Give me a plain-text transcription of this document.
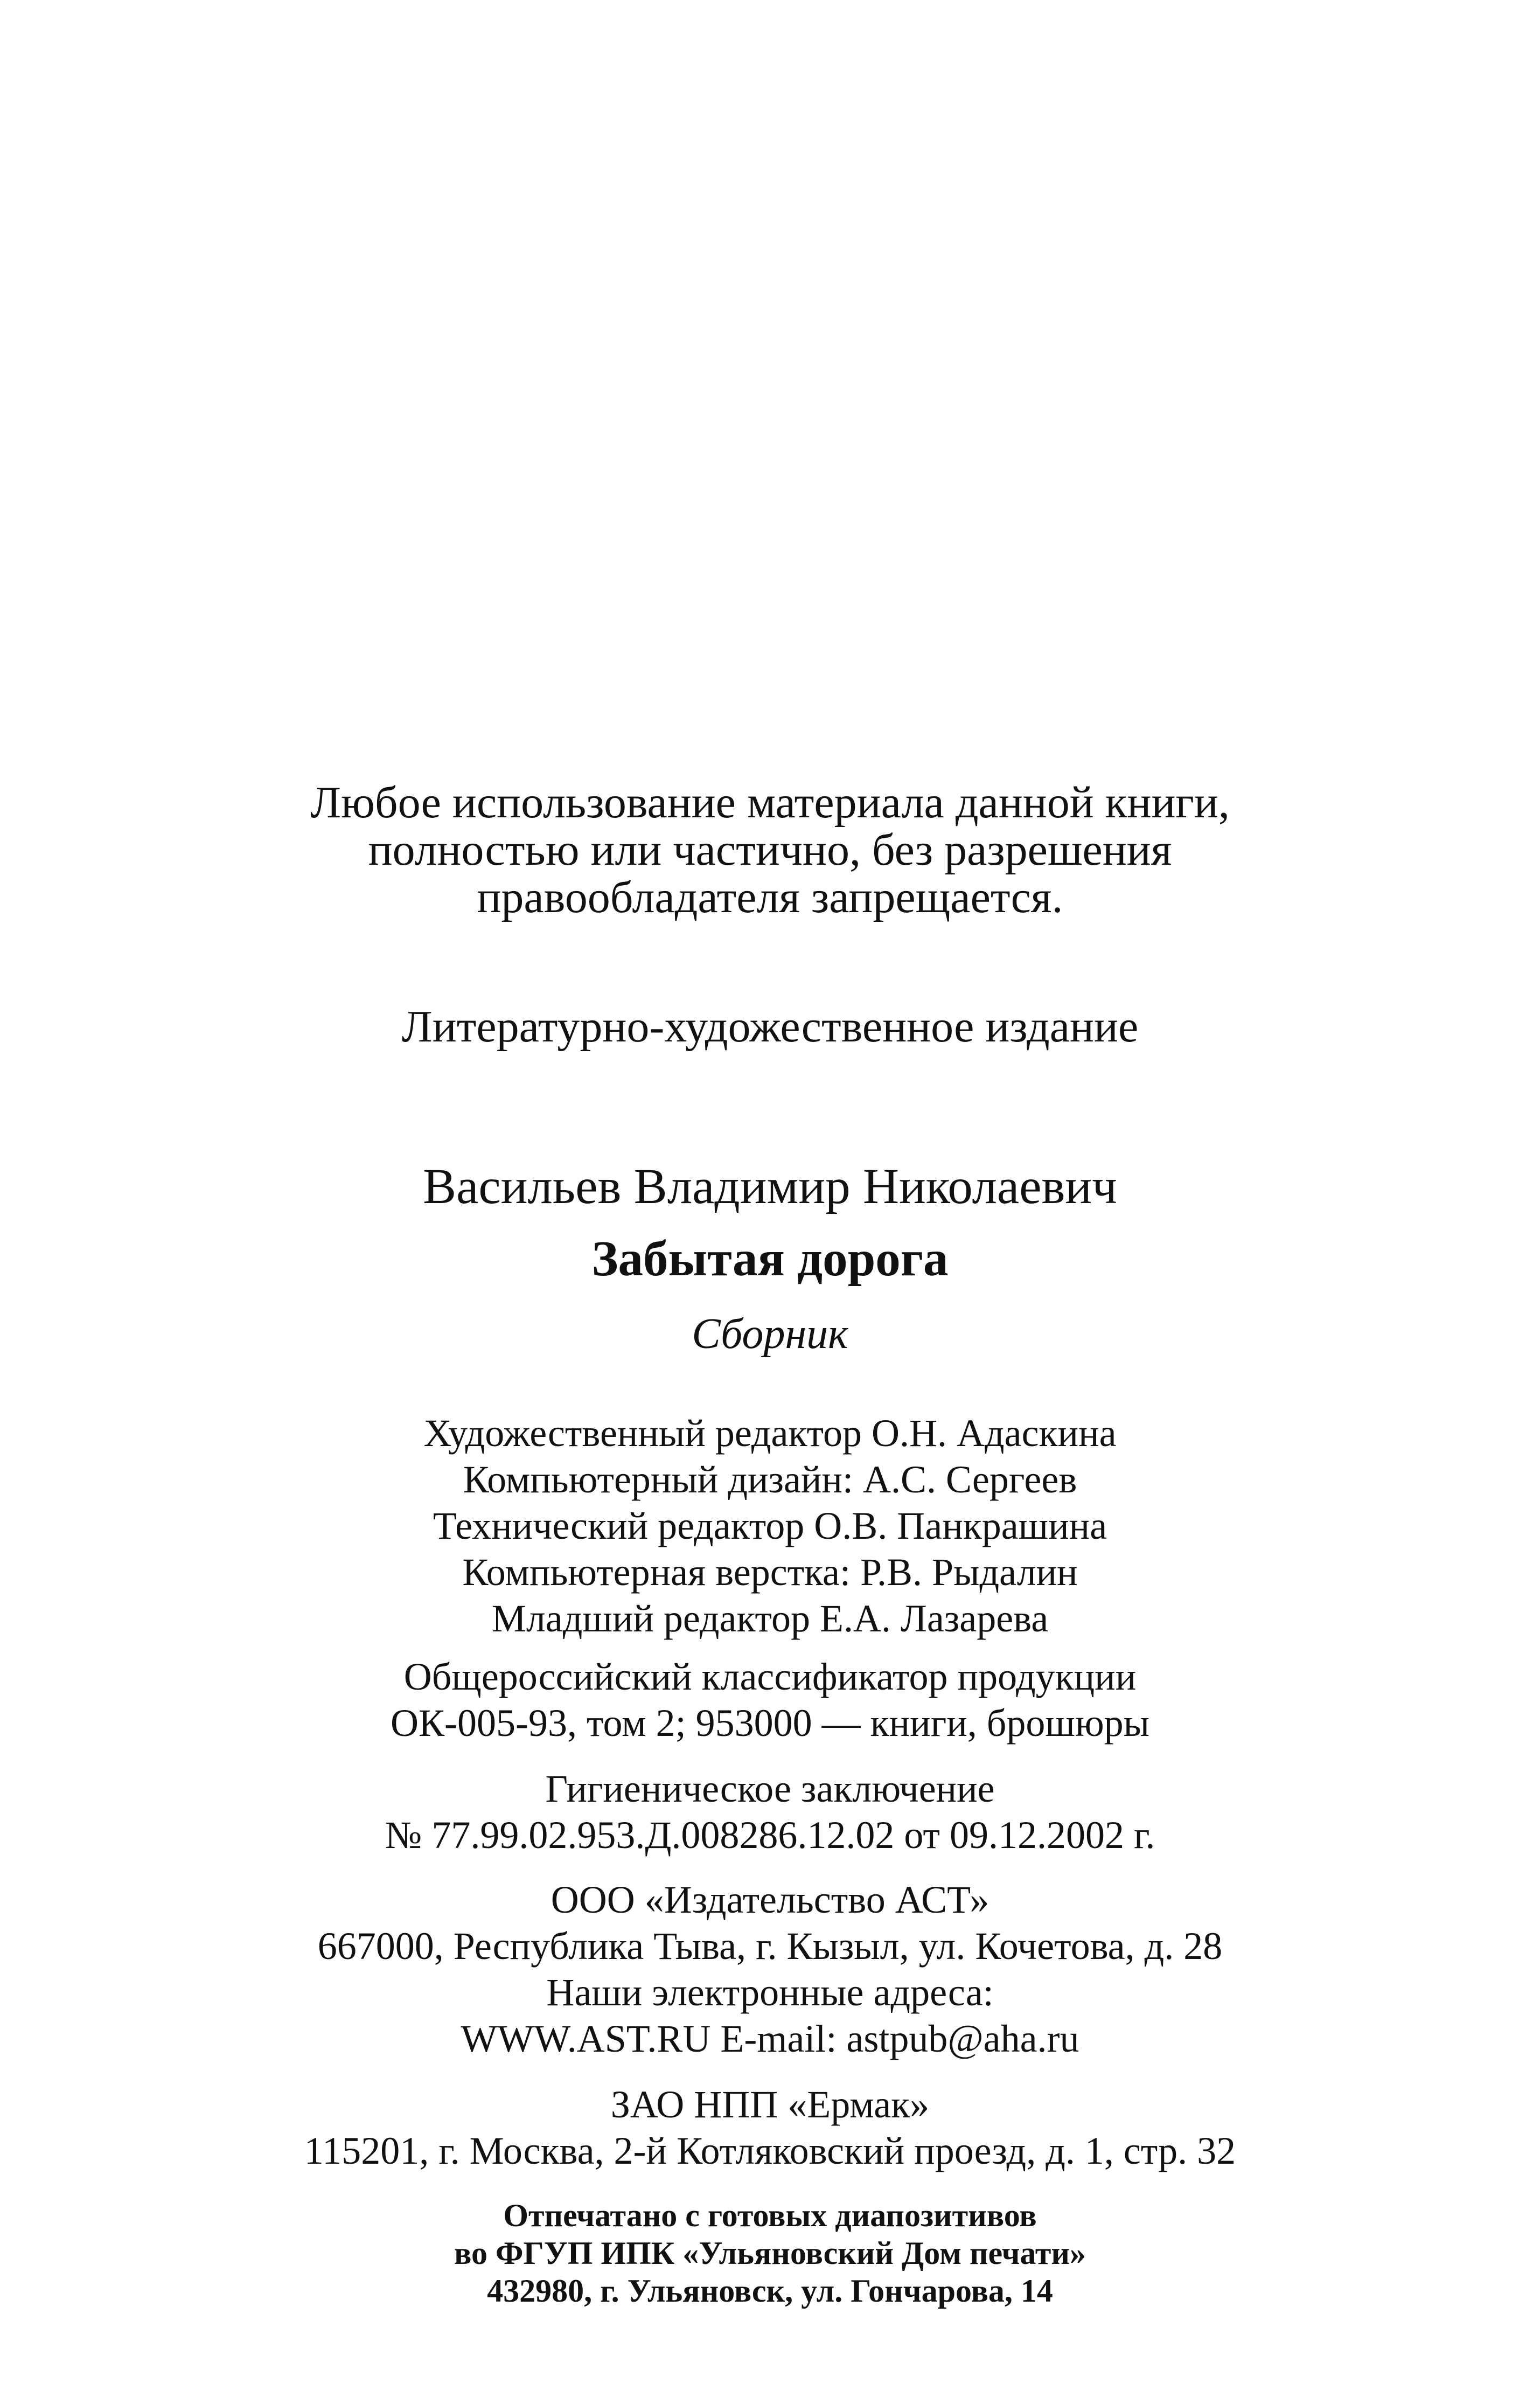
Любое использование материала данной книги,
полностью или частично, без разрешения
правообладателя запрещается.
Литературно-художественное издание
Васильев Владимир Николаевич
Забытая дорога
Сборник
Художественный редактор О.Н. Адаскина
Компьютерный дизайн: А.С. Сергеев
Технический редактор О.В. Панкрашина
Компьютерная верстка: Р.В. Рыдалин
Младший редактор Е.А. Лазарева
Общероссийский классификатор продукции
ОК-005-93, том 2; 953000 — книги, брошюры
Гигиеническое заключение
№ 77.99.02.953.Д.008286.12.02 от 09.12.2002 г.
ООО «Издательство АСТ»
667000, Республика Тыва, г. Кызыл, ул. Кочетова, д. 28
Наши электронные адреса:
WWW.AST.RU E-mail: astpub@aha.ru
ЗАО НПП «Ермак»
115201, г. Москва, 2-й Котляковский проезд, д. 1, стр. 32
Отпечатано с готовых диапозитивов
во ФГУП ИПК «Ульяновский Дом печати»
432980, г. Ульяновск, ул. Гончарова, 14
